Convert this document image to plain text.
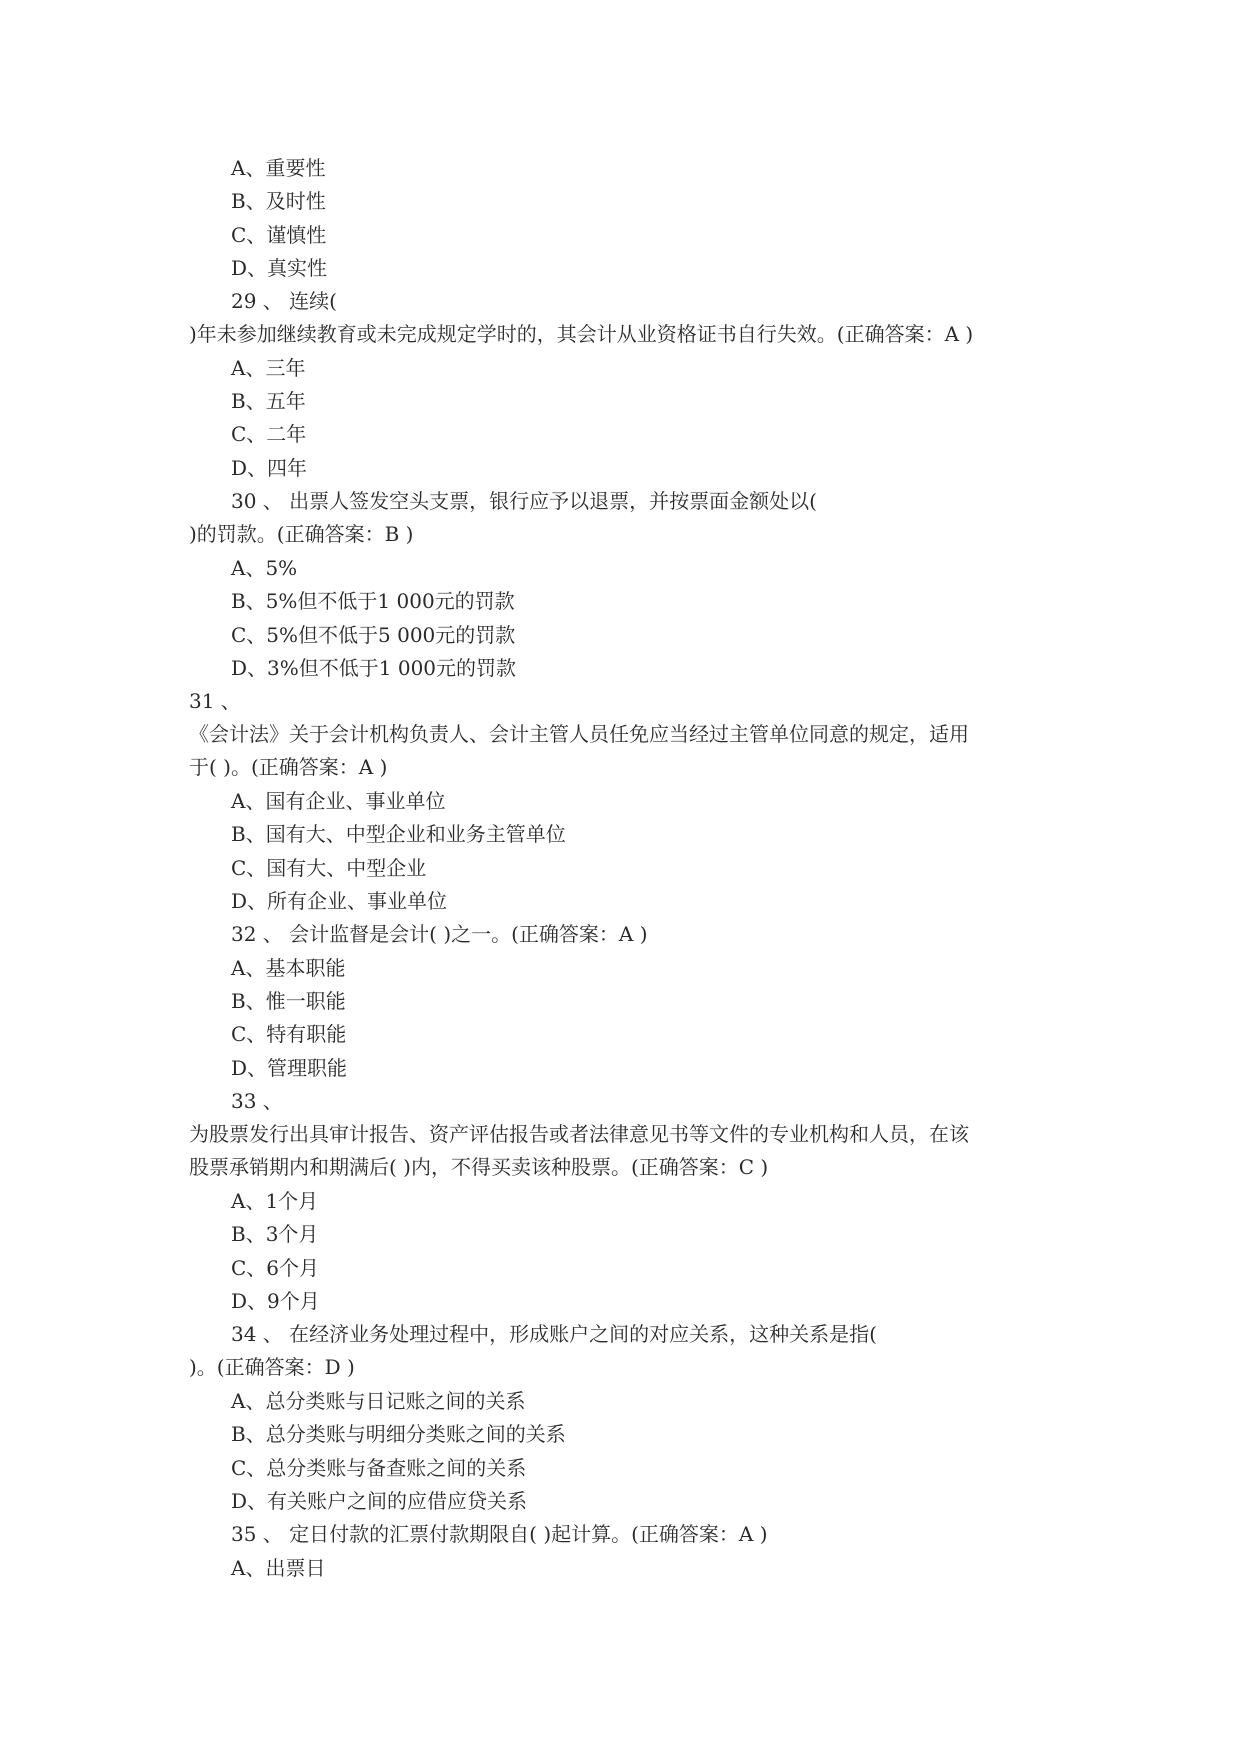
A、重要性

B、及时性

C、谨慎性

D、真实性

29 、 连续(

)年未参加继续教育或未完成规定学时的，其会计从业资格证书自行失效。(正确答案：A )

A、三年

B、五年

C、二年

D、四年

30 、 出票人签发空头支票，银行应予以退票，并按票面金额处以(

)的罚款。(正确答案：B )

A、5%

B、5%但不低于1 000元的罚款

C、5%但不低于5 000元的罚款

D、3%但不低于1 000元的罚款

31 、

《会计法》关于会计机构负责人、会计主管人员任免应当经过主管单位同意的规定，适用

于( )。(正确答案：A )

A、国有企业、事业单位

B、国有大、中型企业和业务主管单位

C、国有大、中型企业

D、所有企业、事业单位

32 、 会计监督是会计( )之一。(正确答案：A )

A、基本职能

B、惟一职能

C、特有职能

D、管理职能

33 、

为股票发行出具审计报告、资产评估报告或者法律意见书等文件的专业机构和人员，在该

股票承销期内和期满后( )内，不得买卖该种股票。(正确答案：C )

A、1个月

B、3个月

C、6个月

D、9个月

34 、 在经济业务处理过程中，形成账户之间的对应关系，这种关系是指(

)。(正确答案：D )

A、总分类账与日记账之间的关系

B、总分类账与明细分类账之间的关系

C、总分类账与备查账之间的关系

D、有关账户之间的应借应贷关系

35 、 定日付款的汇票付款期限自( )起计算。(正确答案：A )

A、出票日
